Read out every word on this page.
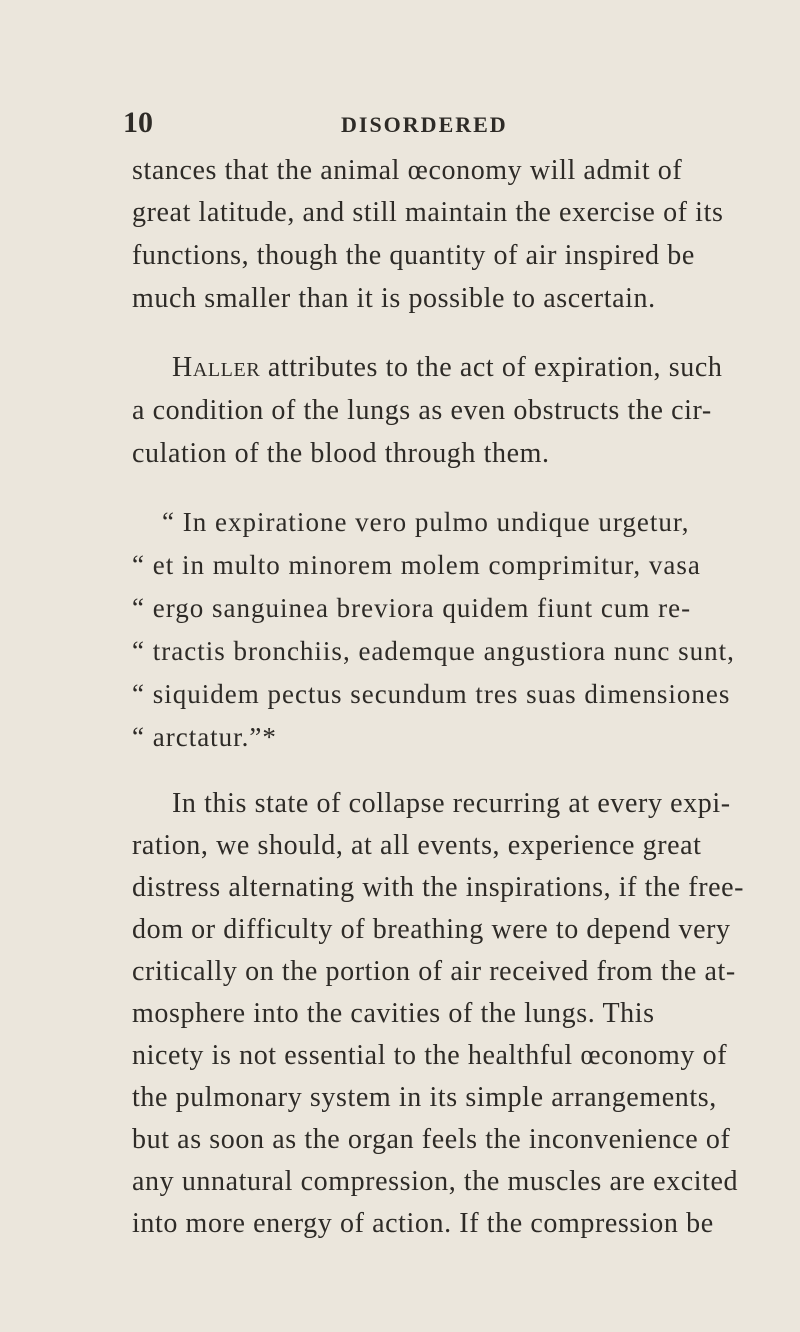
10	DISORDERED
stances that the animal œconomy will admit of
great latitude, and still maintain the exercise of its
functions, though the quantity of air inspired be
much smaller than it is possible to ascertain.
Haller attributes to the act of expiration, such
a condition of the lungs as even obstructs the cir-
culation of the blood through them.
“ In expiratione vero pulmo undique urgetur,
“ et in multo minorem molem comprimitur, vasa
“ ergo sanguinea breviora quidem fiunt cum re-
“ tractis bronchiis, eademque angustiora nunc sunt,
“ siquidem pectus secundum tres suas dimensiones
“ arctatur.”*
In this state of collapse recurring at every expi-
ration, we should, at all events, experience great
distress alternating with the inspirations, if the free-
dom or difficulty of breathing were to depend very
critically on the portion of air received from the at-
mosphere into the cavities of the lungs. This
nicety is not essential to the healthful œconomy of
the pulmonary system in its simple arrangements,
but as soon as the organ feels the inconvenience of
any unnatural compression, the muscles are excited
into more energy of action. If the compression be
